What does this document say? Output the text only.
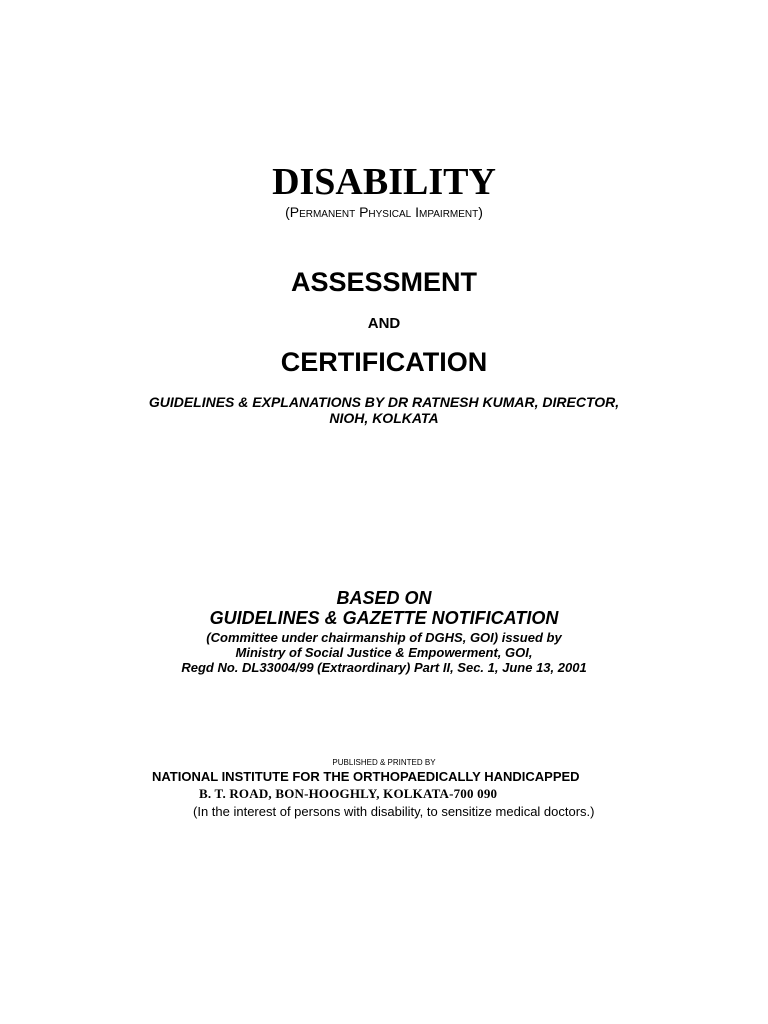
DISABILITY
(Permanent Physical Impairment)
ASSESSMENT
AND
CERTIFICATION
GUIDELINES & EXPLANATIONS BY DR RATNESH KUMAR, DIRECTOR,
NIOH, KOLKATA
BASED ON
GUIDELINES & GAZETTE NOTIFICATION
(Committee under chairmanship of DGHS, GOI) issued by
Ministry of Social Justice & Empowerment, GOI,
Regd No. DL33004/99 (Extraordinary) Part II, Sec. 1, June 13, 2001
PUBLISHED & PRINTED BY
NATIONAL INSTITUTE FOR THE ORTHOPAEDICALLY HANDICAPPED
B. T. ROAD, BON-HOOGHLY, KOLKATA-700 090
(In the interest of persons with disability, to sensitize medical doctors.)
